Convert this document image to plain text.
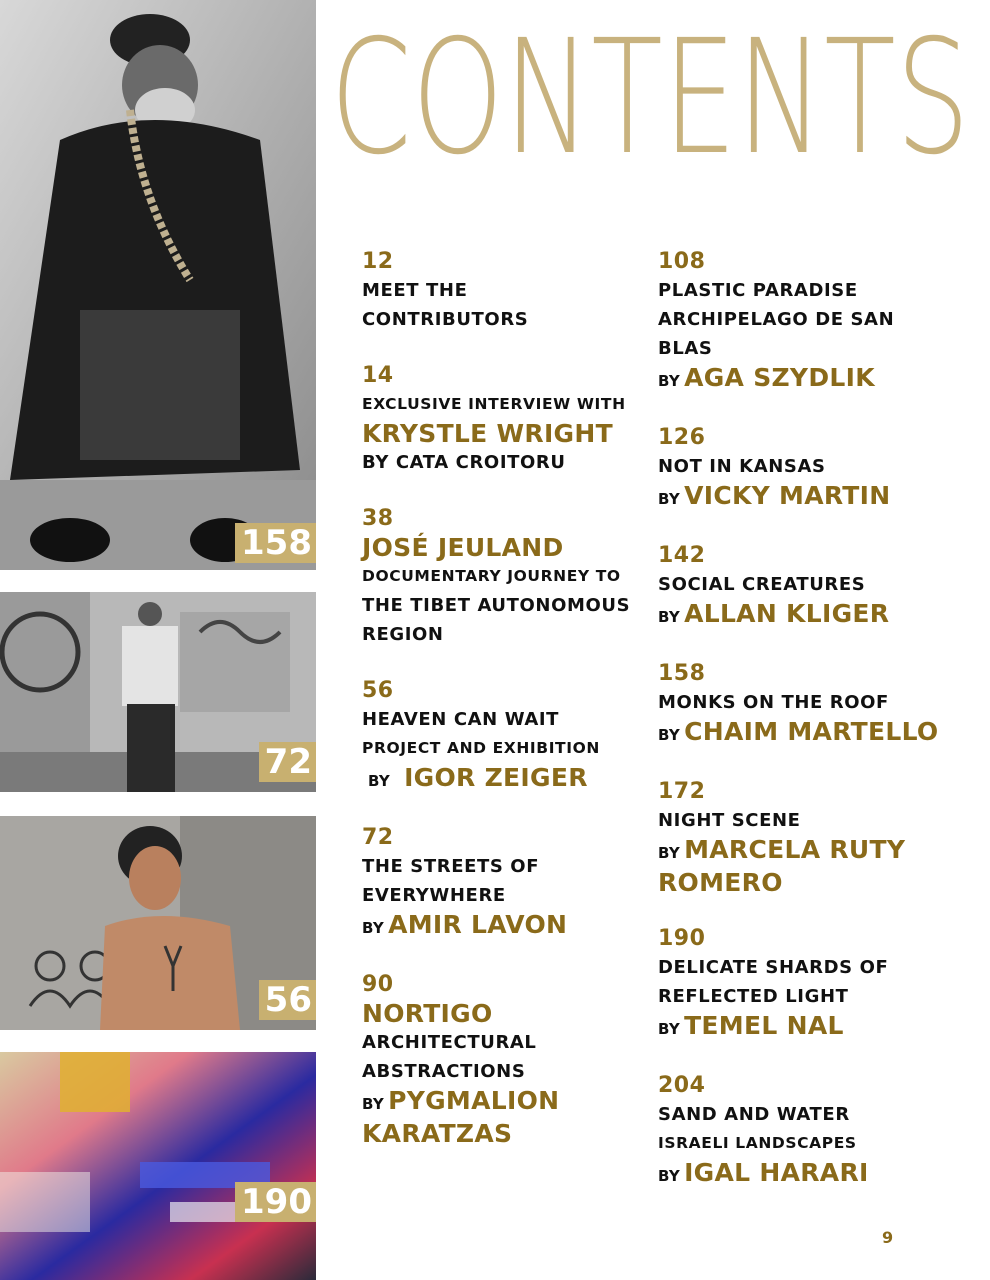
CONTENTS
158
72
56
190
12
MEET THE
CONTRIBUTORS
14
EXCLUSIVE INTERVIEW WITH
KRYSTLE WRIGHT
BY CATA CROITORU
38
JOSÉ JEULAND
DOCUMENTARY JOURNEY TO
THE TIBET AUTONOMOUS
REGION
56
HEAVEN CAN WAIT
PROJECT AND EXHIBITION
BY IGOR ZEIGER
72
THE STREETS OF
EVERYWHERE
BY AMIR LAVON
90
NORTIGO
ARCHITECTURAL
ABSTRACTIONS
BY PYGMALION
KARATZAS
108
PLASTIC PARADISE
ARCHIPELAGO DE SAN
BLAS
BY AGA SZYDLIK
126
NOT IN KANSAS
BY VICKY MARTIN
142
SOCIAL CREATURES
BY ALLAN KLIGER
158
MONKS ON THE ROOF
BY CHAIM MARTELLO
172
NIGHT SCENE
BY MARCELA RUTY
ROMERO
190
DELICATE SHARDS OF
REFLECTED LIGHT
BY TEMEL NAL
204
SAND AND WATER
ISRAELI LANDSCAPES
BY IGAL HARARI
9
